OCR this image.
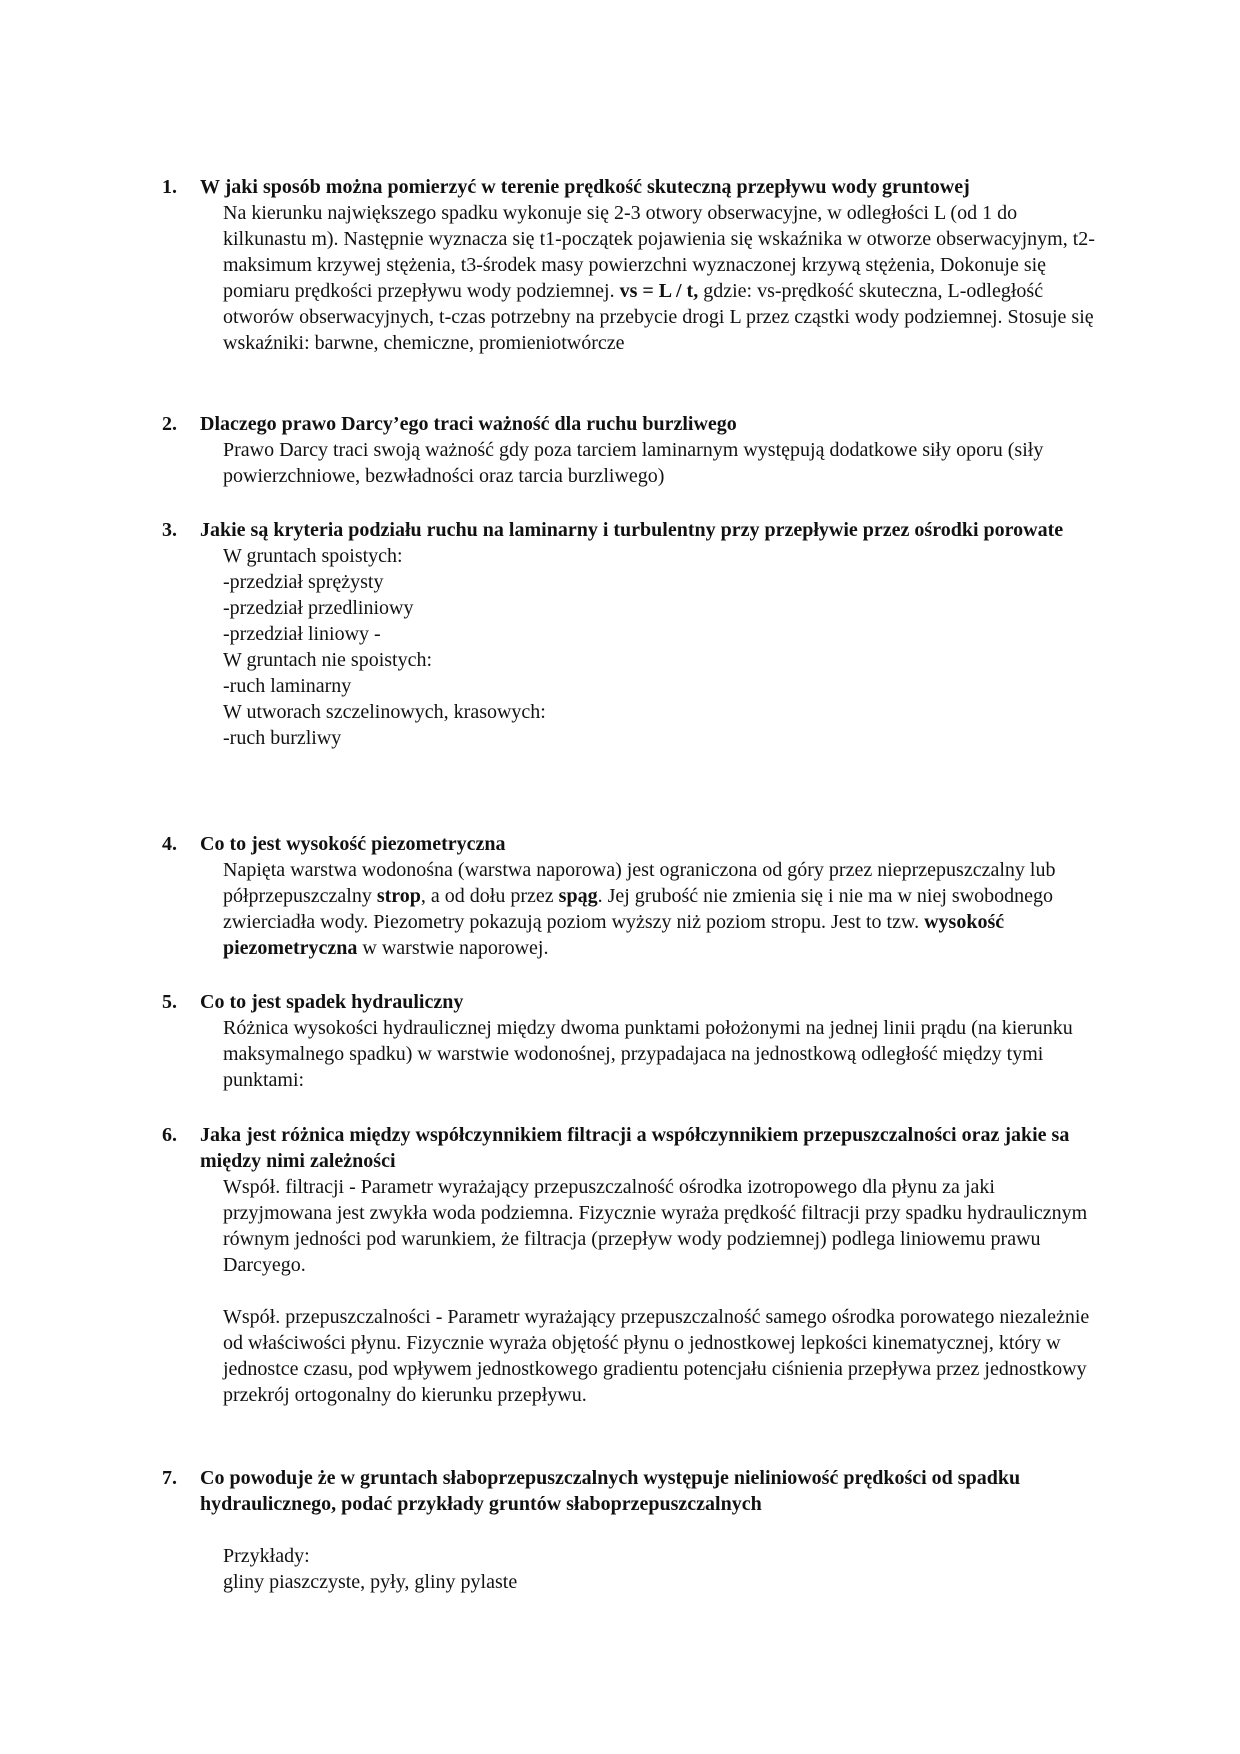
1.	W jaki sposób można pomierzyć w terenie prędkość skuteczną przepływu wody gruntowej
Na kierunku największego spadku wykonuje się 2-3 otwory obserwacyjne, w odległości L (od 1 do kilkunastu m). Następnie wyznacza się t1-początek pojawienia się wskaźnika w otworze obserwacyjnym, t2-maksimum krzywej stężenia, t3-środek masy powierzchni wyznaczonej krzywą stężenia, Dokonuje się pomiaru prędkości przepływu wody podziemnej. vs = L / t, gdzie: vs-prędkość skuteczna, L-odległość otworów obserwacyjnych, t-czas potrzebny na przebycie drogi L przez cząstki wody podziemnej. Stosuje się wskaźniki: barwne, chemiczne, promieniotwórcze
2.	Dlaczego prawo Darcy’ego traci ważność dla ruchu burzliwego
Prawo Darcy traci swoją ważność gdy poza tarciem laminarnym występują dodatkowe siły oporu (siły powierzchniowe, bezwładności oraz tarcia burzliwego)
3.	Jakie są kryteria podziału ruchu na laminarny i turbulentny przy przepływie przez ośrodki porowate
W gruntach spoistych:
-przedział sprężysty
-przedział przedliniowy
-przedział liniowy -
W gruntach nie spoistych:
-ruch laminarny
W utworach szczelinowych, krasowych:
-ruch burzliwy
4.	Co to jest wysokość piezometryczna
Napięta warstwa wodonośna (warstwa naporowa) jest ograniczona od góry przez nieprzepuszczalny lub półprzepuszczalny strop, a od dołu przez spąg. Jej grubość nie zmienia się i nie ma w niej swobodnego zwierciadła wody. Piezometry pokazują poziom wyższy niż poziom stropu. Jest to tzw. wysokość piezometryczna w warstwie naporowej.
5.	Co to jest spadek hydrauliczny
Różnica wysokości hydraulicznej między dwoma punktami położonymi na jednej linii prądu (na kierunku maksymalnego spadku) w warstwie wodonośnej, przypadajaca na jednostkową odległość między tymi punktami:
6.	Jaka jest różnica między współczynnikiem filtracji a współczynnikiem przepuszczalności oraz jakie sa między nimi zależności
Współ. filtracji - Parametr wyrażający przepuszczalność ośrodka izotropowego dla płynu za jaki przyjmowana jest zwykła woda podziemna. Fizycznie wyraża prędkość filtracji przy spadku hydraulicznym równym jedności pod warunkiem, że filtracja (przepływ wody podziemnej) podlega liniowemu prawu Darcyego.
Współ. przepuszczalności - Parametr wyrażający przepuszczalność samego ośrodka porowatego niezależnie od właściwości płynu. Fizycznie wyraża objętość płynu o jednostkowej lepkości kinematycznej, który w jednostce czasu, pod wpływem jednostkowego gradientu potencjału ciśnienia przepływa przez jednostkowy przekrój ortogonalny do kierunku przepływu.
7.	Co powoduje że w gruntach słaboprzepuszczalnych występuje nieliniowość prędkości od spadku hydraulicznego, podać przykłady gruntów słaboprzepuszczalnych
Przykłady:
gliny piaszczyste, pyły, gliny pylaste
